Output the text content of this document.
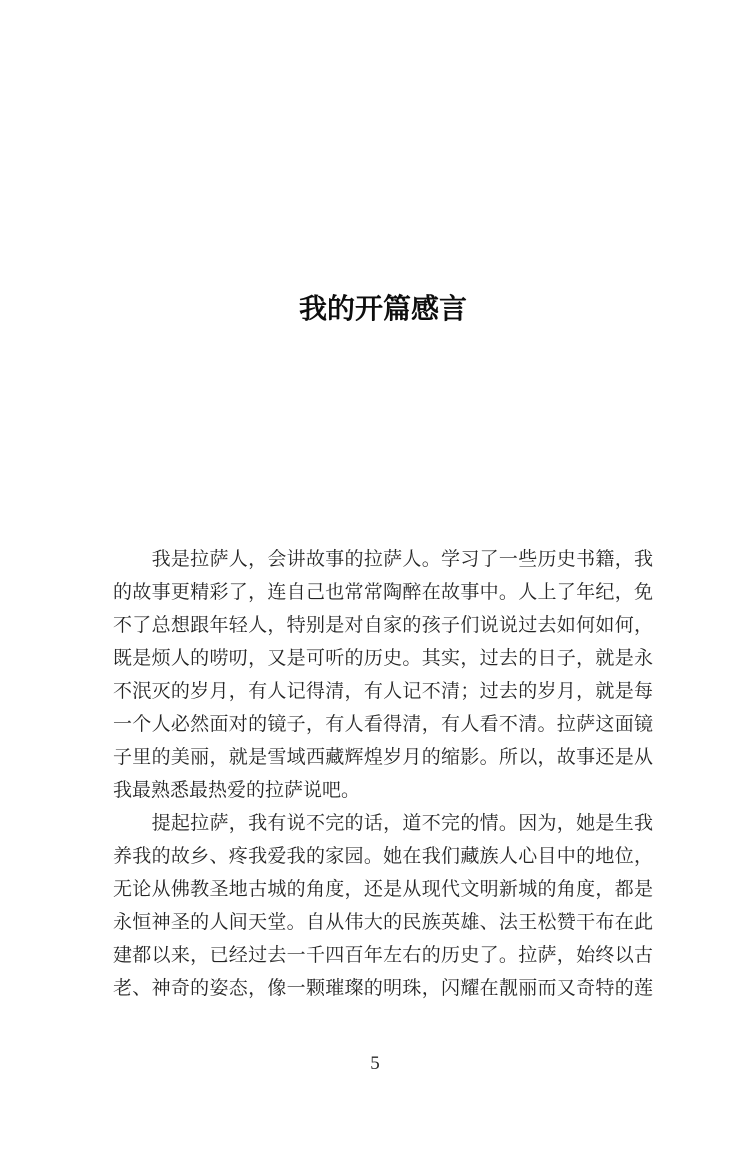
我的开篇感言
　　我是拉萨人，会讲故事的拉萨人。学习了一些历史书籍，我
的故事更精彩了，连自己也常常陶醉在故事中。人上了年纪，免
不了总想跟年轻人，特别是对自家的孩子们说说过去如何如何，
既是烦人的唠叨，又是可听的历史。其实，过去的日子，就是永
不泯灭的岁月，有人记得清，有人记不清；过去的岁月，就是每
一个人必然面对的镜子，有人看得清，有人看不清。拉萨这面镜
子里的美丽，就是雪域西藏辉煌岁月的缩影。所以，故事还是从
我最熟悉最热爱的拉萨说吧。
　　提起拉萨，我有说不完的话，道不完的情。因为，她是生我
养我的故乡、疼我爱我的家园。她在我们藏族人心目中的地位，
无论从佛教圣地古城的角度，还是从现代文明新城的角度，都是
永恒神圣的人间天堂。自从伟大的民族英雄、法王松赞干布在此
建都以来，已经过去一千四百年左右的历史了。拉萨，始终以古
老、神奇的姿态，像一颗璀璨的明珠，闪耀在靓丽而又奇特的莲
5
